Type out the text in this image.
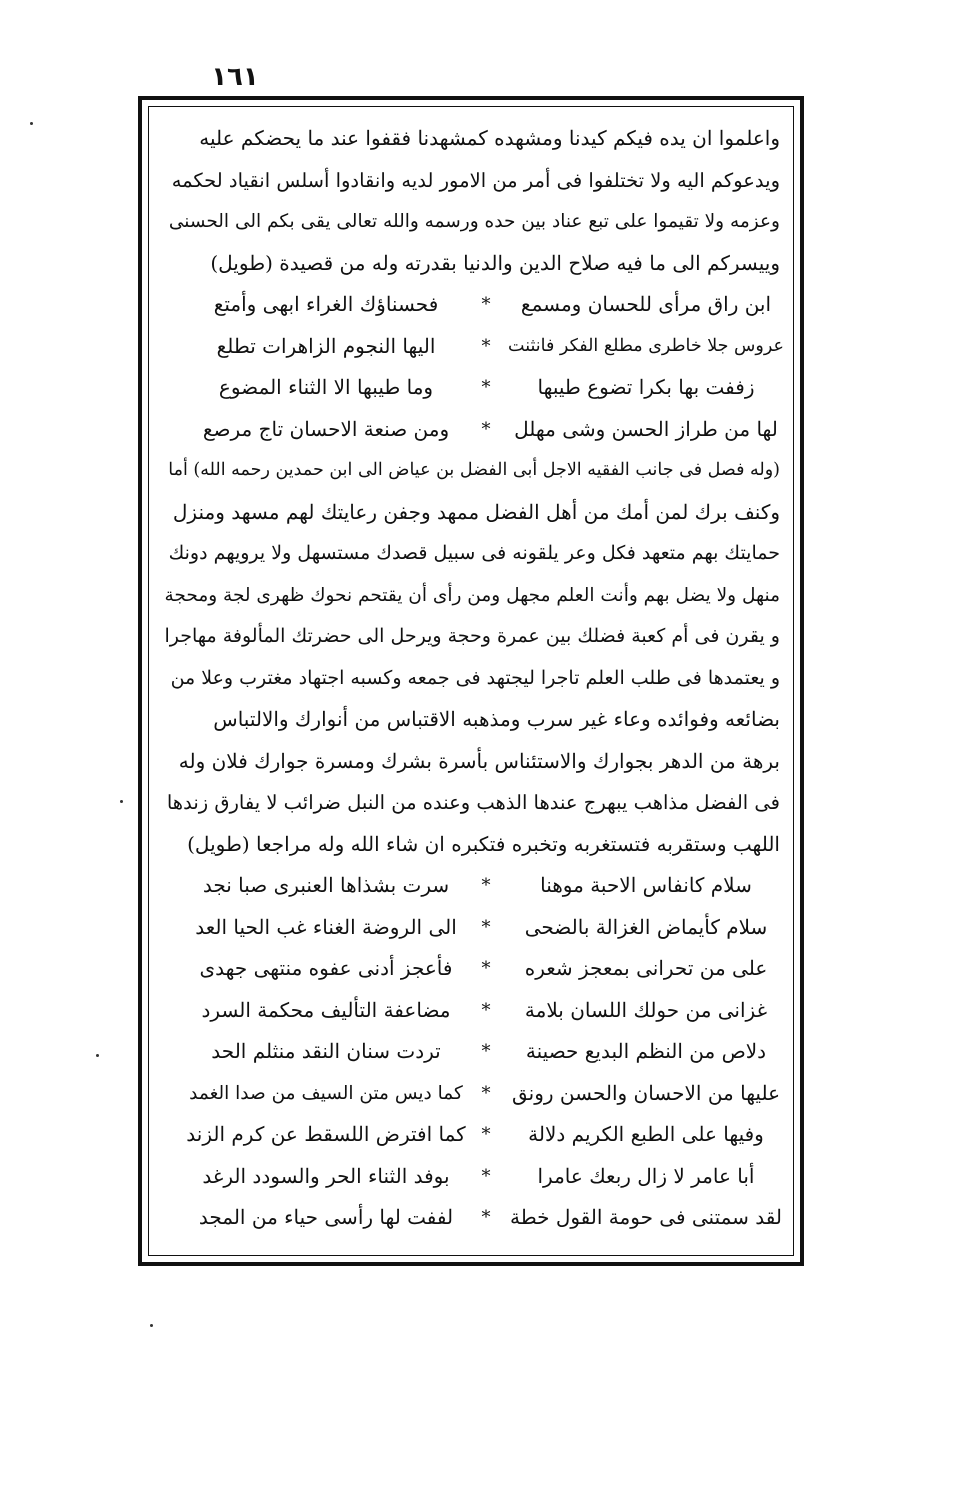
١٦١
واعلموا ان يده فيكم كيدنا ومشهده كمشهدنا فقفوا عند ما يحضكم عليه
ويدعوكم اليه ولا تختلفوا فى أمر من الامور لديه وانقادوا أسلس انقياد لحكمه
وعزمه ولا تقيموا على تبع عناد بين حده ورسمه والله تعالى يقى بكم الى الحسنى
وييسركم الى ما فيه صلاح الدين والدنيا بقدرته وله من قصيدة (طويل)
ابن راق مرأى للحسان ومسمع
*
فحسناؤك الغراء ابهى وأمتع
عروس جلا خاطرى مطلع الفكر فانثنت
*
اليها النجوم الزاهرات تطلع
زففت بها بكرا تضوع طيبها
*
وما طيبها الا الثناء المضوع
لها من طراز الحسن وشى مهلل
*
ومن صنعة الاحسان تاج مرصع
(وله فصل فى جانب الفقيه الاجل أبى الفضل بن عياض الى ابن حمدين رحمه الله) أما
وكنف برك لمن أمك من أهل الفضل ممهد وجفن رعايتك لهم مسهد ومنزل
حمايتك بهم متعهد فكل وعر يلقونه فى سبيل قصدك مستسهل ولا يرويهم دونك
منهل ولا يضل بهم وأنت العلم مجهل ومن رأى أن يقتحم نحوك ظهرى لجة ومحجة
و يقرن فى أم كعبة فضلك بين عمرة وحجة ويرحل الى حضرتك المألوفة مهاجرا
و يعتمدها فى طلب العلم تاجرا ليجتهد فى جمعه وكسبه اجتهاد مغترب وعلا من
بضائعه وفوائده وعاء غير سرب ومذهبه الاقتباس من أنوارك والالتباس
برهة من الدهر بجوارك والاستئناس بأسرة بشرك ومسرة جوارك فلان وله
فى الفضل مذاهب يبهرج عندها الذهب وعنده من النبل ضرائب لا يفارق زندها
اللهب وستقربه فتستغربه وتخبره فتكبره ان شاء الله وله مراجعا (طويل)
سلام كانفاس الاحبة موهنا
*
سرت بشذاها العنبرى صبا نجد
سلام كأيماض الغزالة بالضحى
*
الى الروضة الغناء غب الحيا العد
على من تحرانى بمعجز شعره
*
فأعجز أدنى عفوه منتهى جهدى
غزانى من حولك اللسان بلامة
*
مضاعفة التأليف محكمة السرد
دلاص من النظم البديع حصينة
*
تردت سنان النقد منثلم الحد
عليها من الاحسان والحسن رونق
*
كما ديس متن السيف من صدا الغمد
وفيها على الطبع الكريم دلالة
*
كما افترض اللسقط عن كرم الزند
أبا عامر لا زال ربعك عامرا
*
بوفد الثناء الحر والسودد الرغد
لقد سمتنى فى حومة القول خطة
*
لففت لها رأسى حياء من المجد
